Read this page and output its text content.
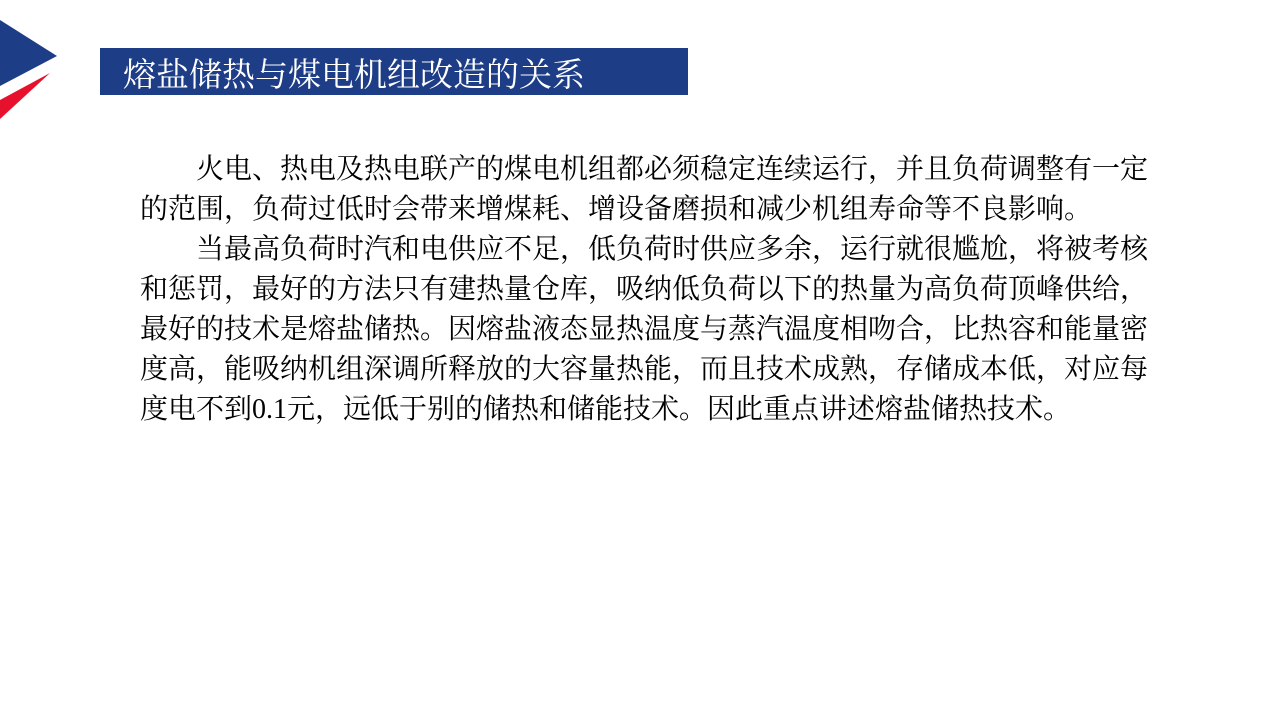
熔盐储热与煤电机组改造的关系

　　火电、热电及热电联产的煤电机组都必须稳定连续运行，并且负荷调整有一定
的范围，负荷过低时会带来增煤耗、增设备磨损和减少机组寿命等不良影响。

　　当最高负荷时汽和电供应不足，低负荷时供应多余，运行就很尴尬，将被考核
和惩罚，最好的方法只有建热量仓库，吸纳低负荷以下的热量为高负荷顶峰供给，
最好的技术是熔盐储热。因熔盐液态显热温度与蒸汽温度相吻合，比热容和能量密
度高，能吸纳机组深调所释放的大容量热能，而且技术成熟，存储成本低，对应每
度电不到0.1元，远低于别的储热和储能技术。因此重点讲述熔盐储热技术。
